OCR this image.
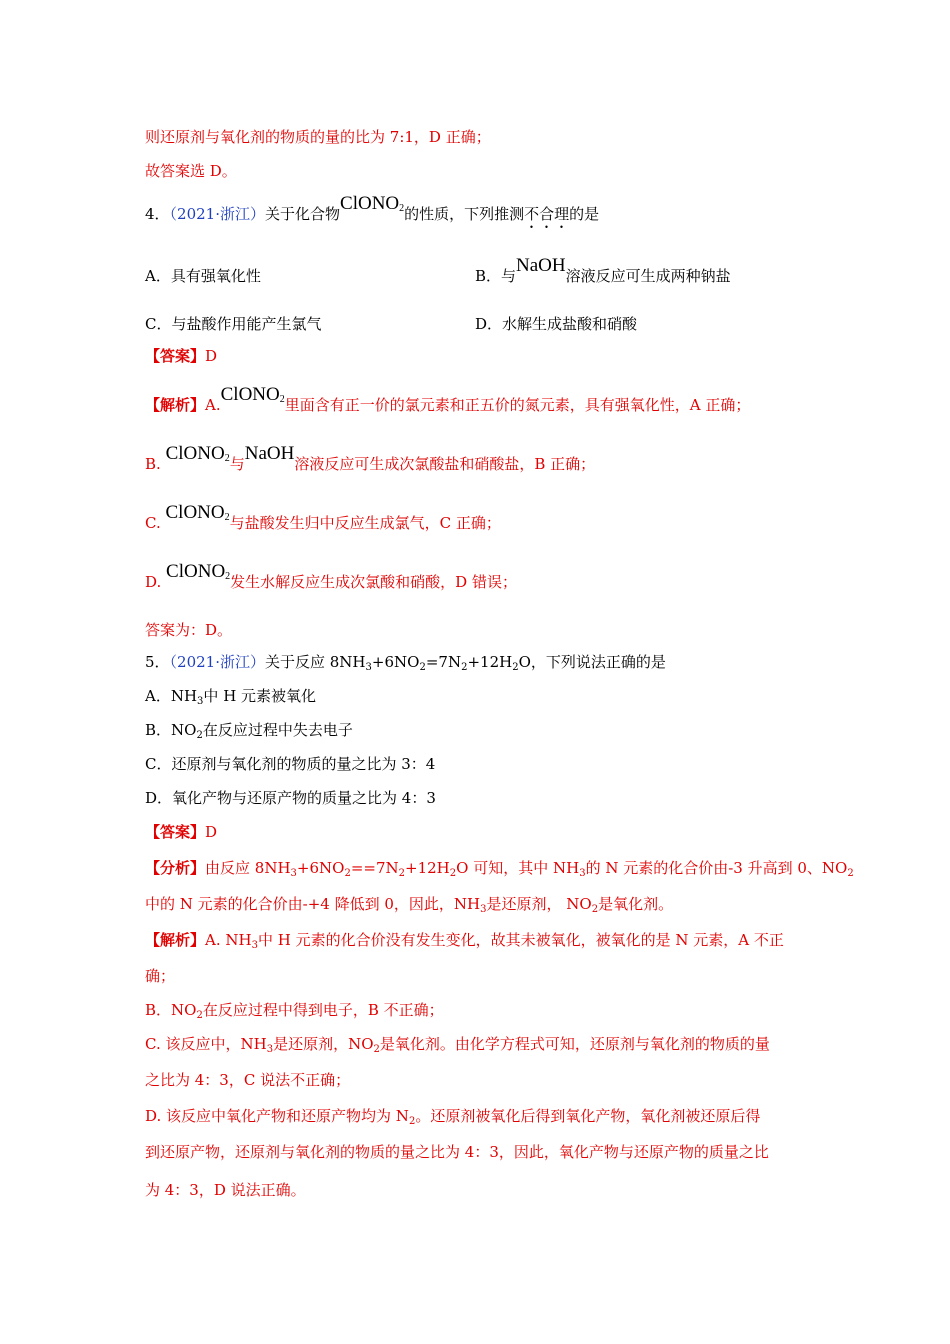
则还原剂与氧化剂的物质的量的比为 7:1，D 正确；
故答案选 D。
4．（2021·浙江）关于化合物ClONO$_2$的性质，下列推测不合理的是
A．具有强氧化性	B．与NaOH溶液反应可生成两种钠盐
C．与盐酸作用能产生氯气	D．水解生成盐酸和硝酸
【答案】D
【解析】A.ClONO$_2$里面含有正一价的氯元素和正五价的氮元素，具有强氧化性，A 正确；
B. ClONO$_2$与NaOH溶液反应可生成次氯酸盐和硝酸盐，B 正确；
C. ClONO$_2$与盐酸发生归中反应生成氯气，C 正确；
D. ClONO$_2$发生水解反应生成次氯酸和硝酸，D 错误；
答案为：D。
5．（2021·浙江）关于反应 $8NH_3+6NO_2=7N_2+12H_2O$，下列说法正确的是
A．$NH_3$中 H 元素被氧化
B．$NO_2$在反应过程中失去电子
C．还原剂与氧化剂的物质的量之比为 3：4
D．氧化产物与还原产物的质量之比为 4：3
【答案】D
【分析】由反应 $8NH_3+6NO_2==7N_2+12H_2O$ 可知，其中 $NH_3$的 N 元素的化合价由-3 升高到 0、$NO_2$
中的 N 元素的化合价由-+4 降低到 0，因此，$NH_3$是还原剂， $NO_2$是氧化剂。
【解析】A. $NH_3$中 H 元素的化合价没有发生变化，故其未被氧化，被氧化的是 N 元素，A 不正
确；
B．$NO_2$在反应过程中得到电子，B 不正确；
C. 该反应中，$NH_3$是还原剂，$NO_2$是氧化剂。由化学方程式可知，还原剂与氧化剂的物质的量
之比为 4：3，C 说法不正确；
D. 该反应中氧化产物和还原产物均为 $N_2$。还原剂被氧化后得到氧化产物，氧化剂被还原后得
到还原产物，还原剂与氧化剂的物质的量之比为 4：3，因此，氧化产物与还原产物的质量之比
为 4：3，D 说法正确。
